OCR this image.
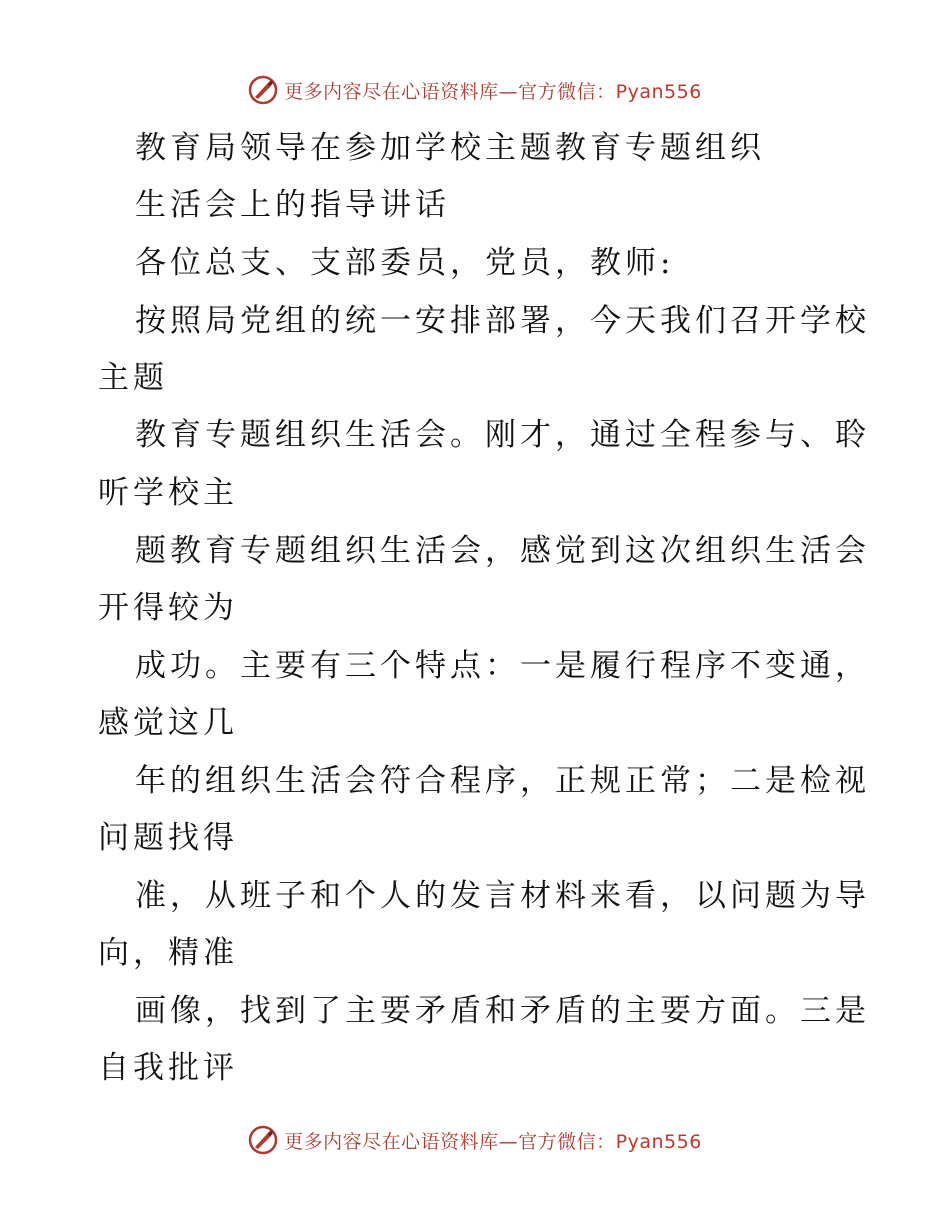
更多内容尽在心语资料库—官方微信：Pyan556
教育局领导在参加学校主题教育专题组织
生活会上的指导讲话
各位总支、支部委员，党员，教师:
按照局党组的统一安排部署，今天我们召开学校
主题
教育专题组织生活会。刚才，通过全程参与、聆
听学校主
题教育专题组织生活会，感觉到这次组织生活会
开得较为
成功。主要有三个特点：一是履行程序不变通，
感觉这几
年的组织生活会符合程序，正规正常；二是检视
问题找得
准，从班子和个人的发言材料来看，以问题为导
向，精准
画像，找到了主要矛盾和矛盾的主要方面。三是
自我批评
更多内容尽在心语资料库—官方微信：Pyan556
